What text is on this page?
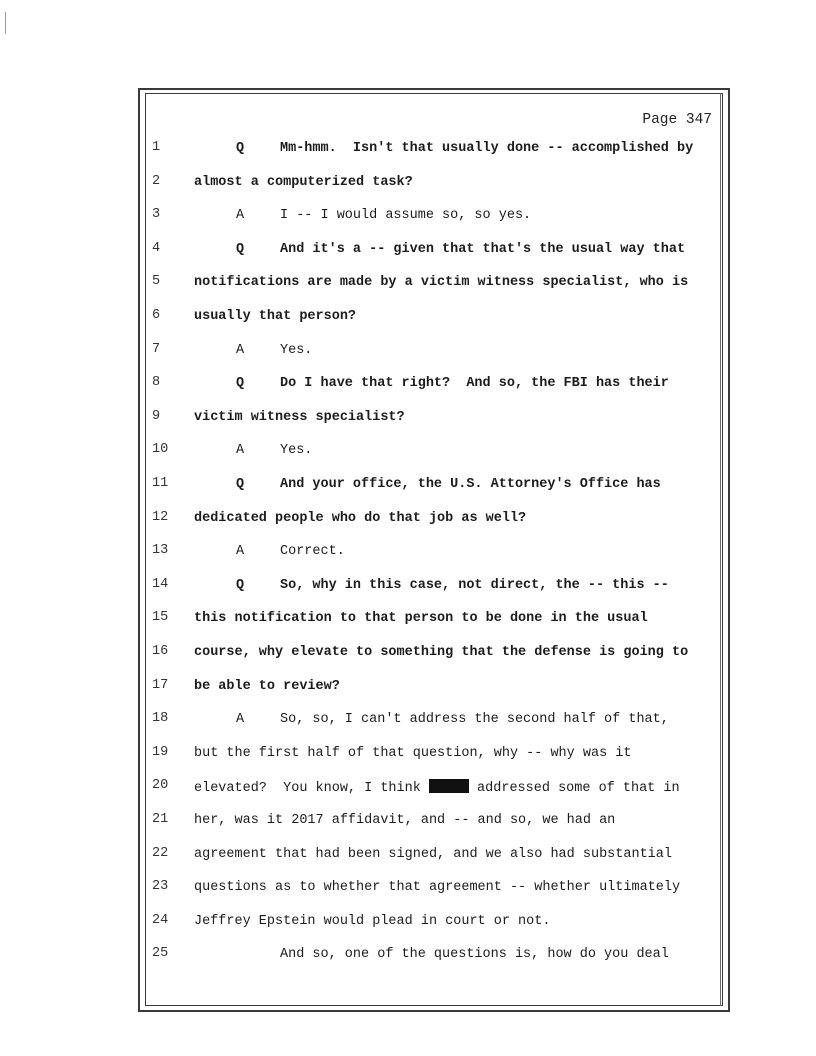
Page 347
1	Q	Mm-hmm.  Isn't that usually done -- accomplished by
2	almost a computerized task?
3	A	I -- I would assume so, so yes.
4	Q	And it's a -- given that that's the usual way that
5	notifications are made by a victim witness specialist, who is
6	usually that person?
7	A	Yes.
8	Q	Do I have that right?  And so, the FBI has their
9	victim witness specialist?
10	A	Yes.
11	Q	And your office, the U.S. Attorney's Office has
12	dedicated people who do that job as well?
13	A	Correct.
14	Q	So, why in this case, not direct, the -- this --
15	this notification to that person to be done in the usual
16	course, why elevate to something that the defense is going to
17	be able to review?
18	A	So, so, I can't address the second half of that,
19	but the first half of that question, why -- why was it
20	elevated?  You know, I think	addressed some of that in
21	her, was it 2017 affidavit, and -- and so, we had an
22	agreement that had been signed, and we also had substantial
23	questions as to whether that agreement -- whether ultimately
24	Jeffrey Epstein would plead in court or not.
25	And so, one of the questions is, how do you deal
